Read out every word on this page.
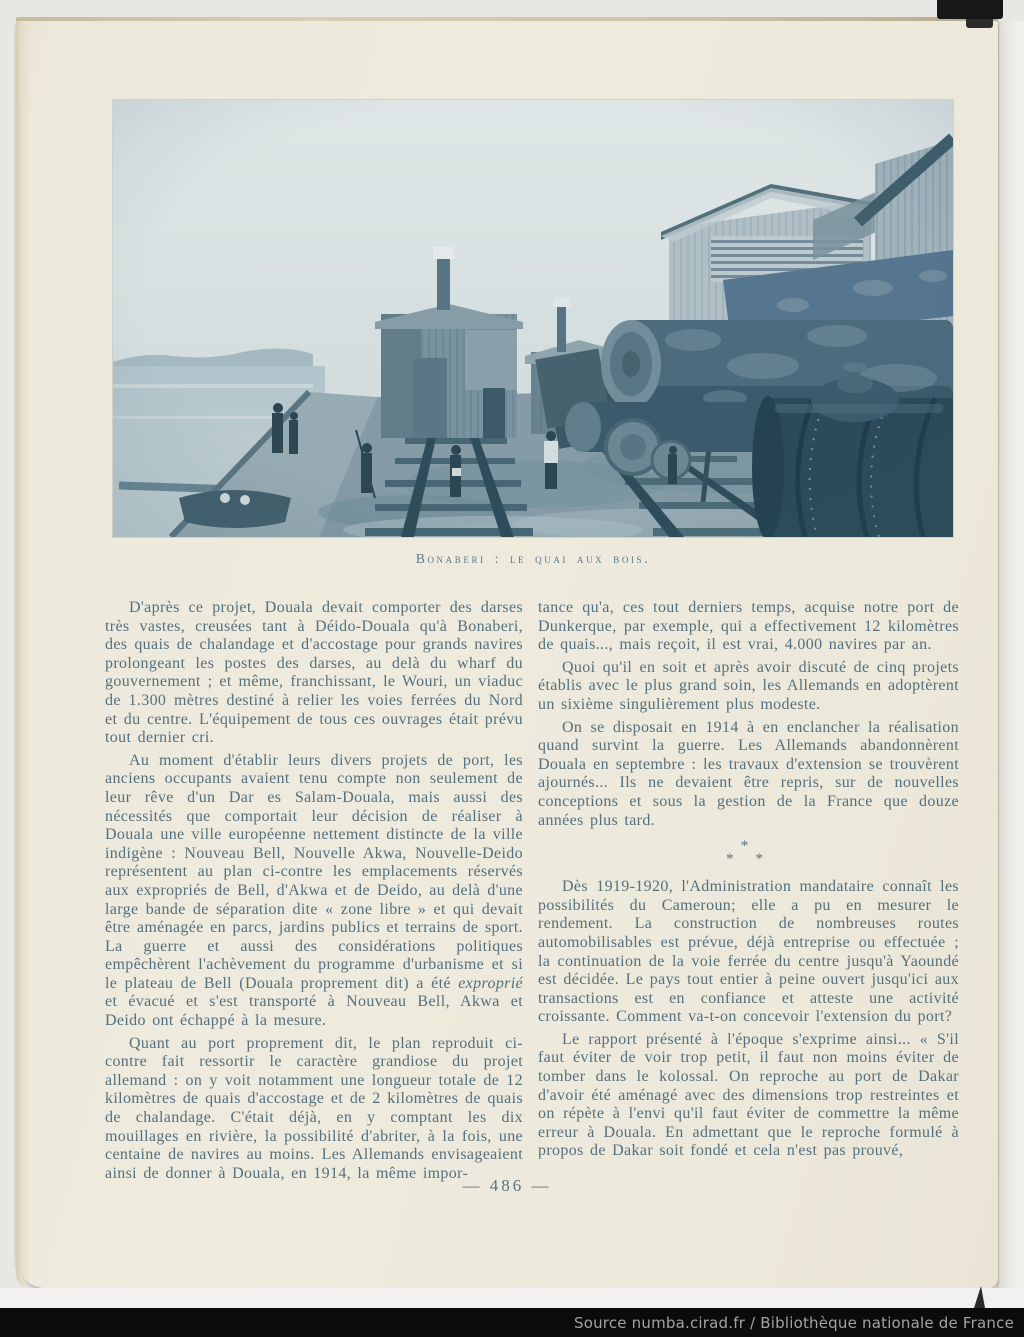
Bonaberi : le quai aux bois.

D'après ce projet, Douala devait comporter des darses très vastes, creusées tant à Déido-Douala qu'à Bonaberi, des quais de chalandage et d'accostage pour grands navires prolongeant les postes des darses, au delà du wharf du gouvernement ; et même, franchissant, le Wouri, un viaduc de 1.300 mètres destiné à relier les voies ferrées du Nord et du centre. L'équipement de tous ces ouvrages était prévu tout dernier cri.

Au moment d'établir leurs divers projets de port, les anciens occupants avaient tenu compte non seulement de leur rêve d'un Dar es Salam-Douala, mais aussi des nécessités que comportait leur décision de réaliser à Douala une ville européenne nettement distincte de la ville indigène : Nouveau Bell, Nouvelle Akwa, Nouvelle-Deido représentent au plan ci-contre les emplacements réservés aux expropriés de Bell, d'Akwa et de Deido, au delà d'une large bande de séparation dite « zone libre » et qui devait être aménagée en parcs, jardins publics et terrains de sport. La guerre et aussi des considérations politiques empêchèrent l'achèvement du programme d'urbanisme et si le plateau de Bell (Douala proprement dit) a été exproprié et évacué et s'est transporté à Nouveau Bell, Akwa et Deido ont échappé à la mesure.

Quant au port proprement dit, le plan reproduit ci-contre fait ressortir le caractère grandiose du projet allemand : on y voit notamment une longueur totale de 12 kilomètres de quais d'accostage et de 2 kilomètres de quais de chalandage. C'était déjà, en y comptant les dix mouillages en rivière, la possibilité d'abriter, à la fois, une centaine de navires au moins. Les Allemands envisageaient ainsi de donner à Douala, en 1914, la même impor-

tance qu'a, ces tout derniers temps, acquise notre port de Dunkerque, par exemple, qui a effectivement 12 kilomètres de quais..., mais reçoit, il est vrai, 4.000 navires par an.

Quoi qu'il en soit et après avoir discuté de cinq projets établis avec le plus grand soin, les Allemands en adoptèrent un sixième singulièrement plus modeste.

On se disposait en 1914 à en enclancher la réalisation quand survint la guerre. Les Allemands abandonnèrent Douala en septembre : les travaux d'extension se trouvèrent ajournés... Ils ne devaient être repris, sur de nouvelles conceptions et sous la gestion de la France que douze années plus tard.

*
* *

Dès 1919-1920, l'Administration mandataire connaît les possibilités du Cameroun; elle a pu en mesurer le rendement. La construction de nombreuses routes automobilisables est prévue, déjà entreprise ou effectuée ; la continuation de la voie ferrée du centre jusqu'à Yaoundé est décidée. Le pays tout entier à peine ouvert jusqu'ici aux transactions est en confiance et atteste une activité croissante. Comment va-t-on concevoir l'extension du port?

Le rapport présenté à l'époque s'exprime ainsi... « S'il faut éviter de voir trop petit, il faut non moins éviter de tomber dans le kolossal. On reproche au port de Dakar d'avoir été aménagé avec des dimensions trop restreintes et on répète à l'envi qu'il faut éviter de commettre la même erreur à Douala. En admettant que le reproche formulé à propos de Dakar soit fondé et cela n'est pas prouvé,

— 486 —
Source numba.cirad.fr / Bibliothèque nationale de France
